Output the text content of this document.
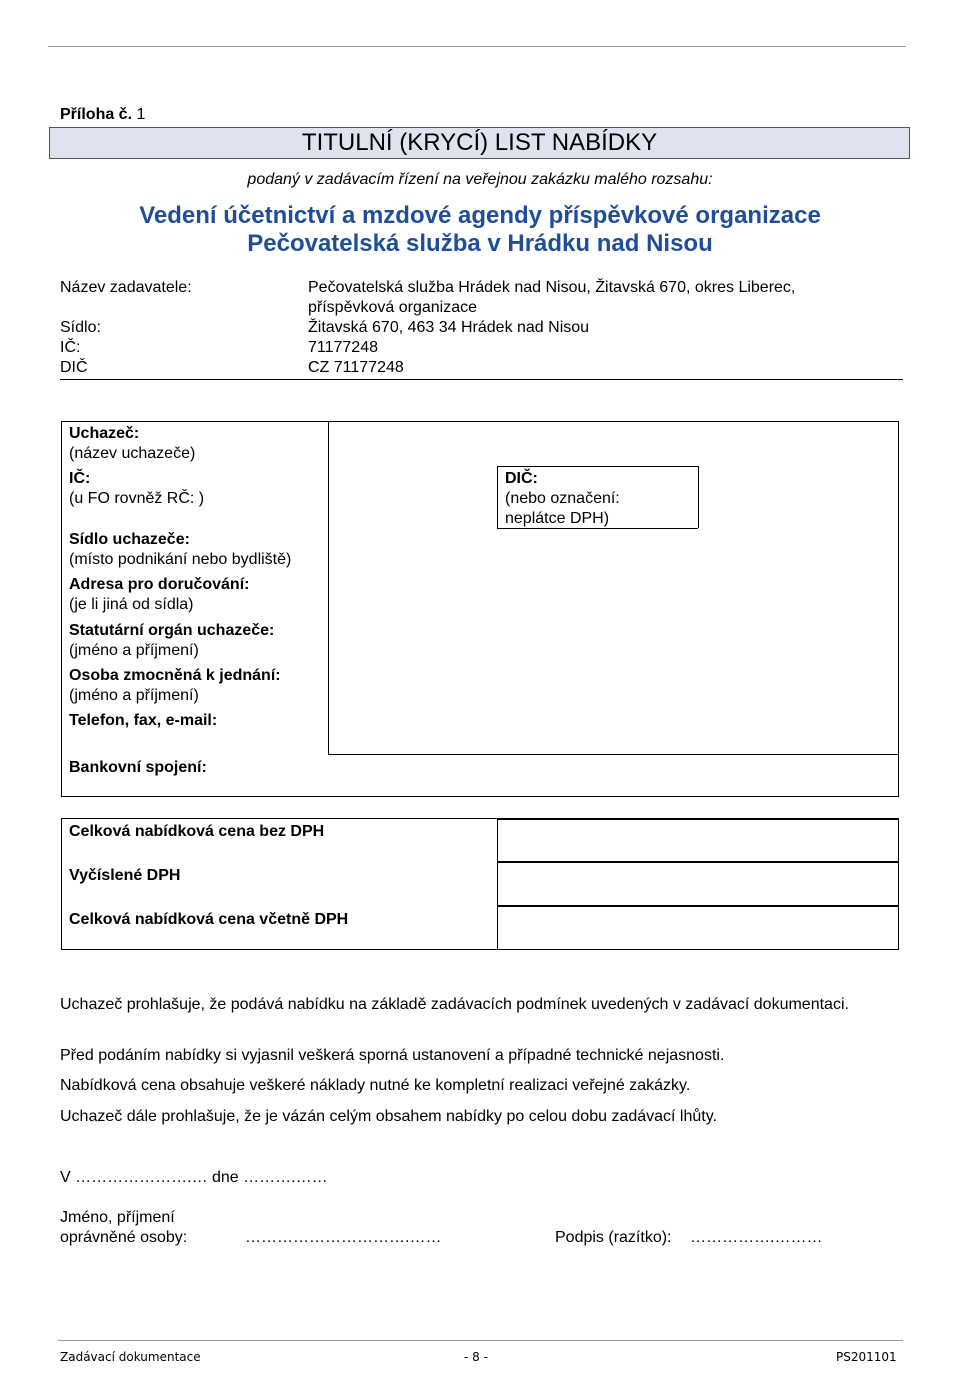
Příloha č. 1
TITULNÍ (KRYCÍ) LIST NABÍDKY
podaný v zadávacím řízení na veřejnou zakázku malého rozsahu:
Vedení účetnictví a mzdové agendy příspěvkové organizace
Pečovatelská služba v Hrádku nad Nisou
Název zadavatele:	Pečovatelská služba Hrádek nad Nisou, Žitavská 670, okres Liberec,
příspěvková organizace
Sídlo:	Žitavská 670, 463 34 Hrádek nad Nisou
IČ:	71177248
DIČ	CZ 71177248
Uchazeč:
(název uchazeče)
IČ:
(u FO rovněž RČ: )
DIČ:
(nebo označení:
neplátce DPH)
Sídlo uchazeče:
(místo podnikání nebo bydliště)
Adresa pro doručování:
(je li jiná od sídla)
Statutární orgán uchazeče:
(jméno a příjmení)
Osoba zmocněná k jednání:
(jméno a příjmení)
Telefon, fax, e-mail:
Bankovní spojení:
Celková nabídková cena bez DPH
Vyčíslené DPH
Celková nabídková cena včetně DPH
Uchazeč prohlašuje, že podává nabídku na základě zadávacích podmínek uvedených v zadávací dokumentaci.
Před podáním nabídky si vyjasnil veškerá sporná ustanovení a případné technické nejasnosti.
Nabídková cena obsahuje veškeré náklady nutné ke kompletní realizaci veřejné zakázky.
Uchazeč dále prohlašuje, že je vázán celým obsahem nabídky po celou dobu zadávací lhůty.
V ………………….… dne ……….……
Jméno, příjmení
oprávněné osoby:	………………………….……	Podpis (razítko): …………….………
Zadávací dokumentace	- 8 -	PS201101
